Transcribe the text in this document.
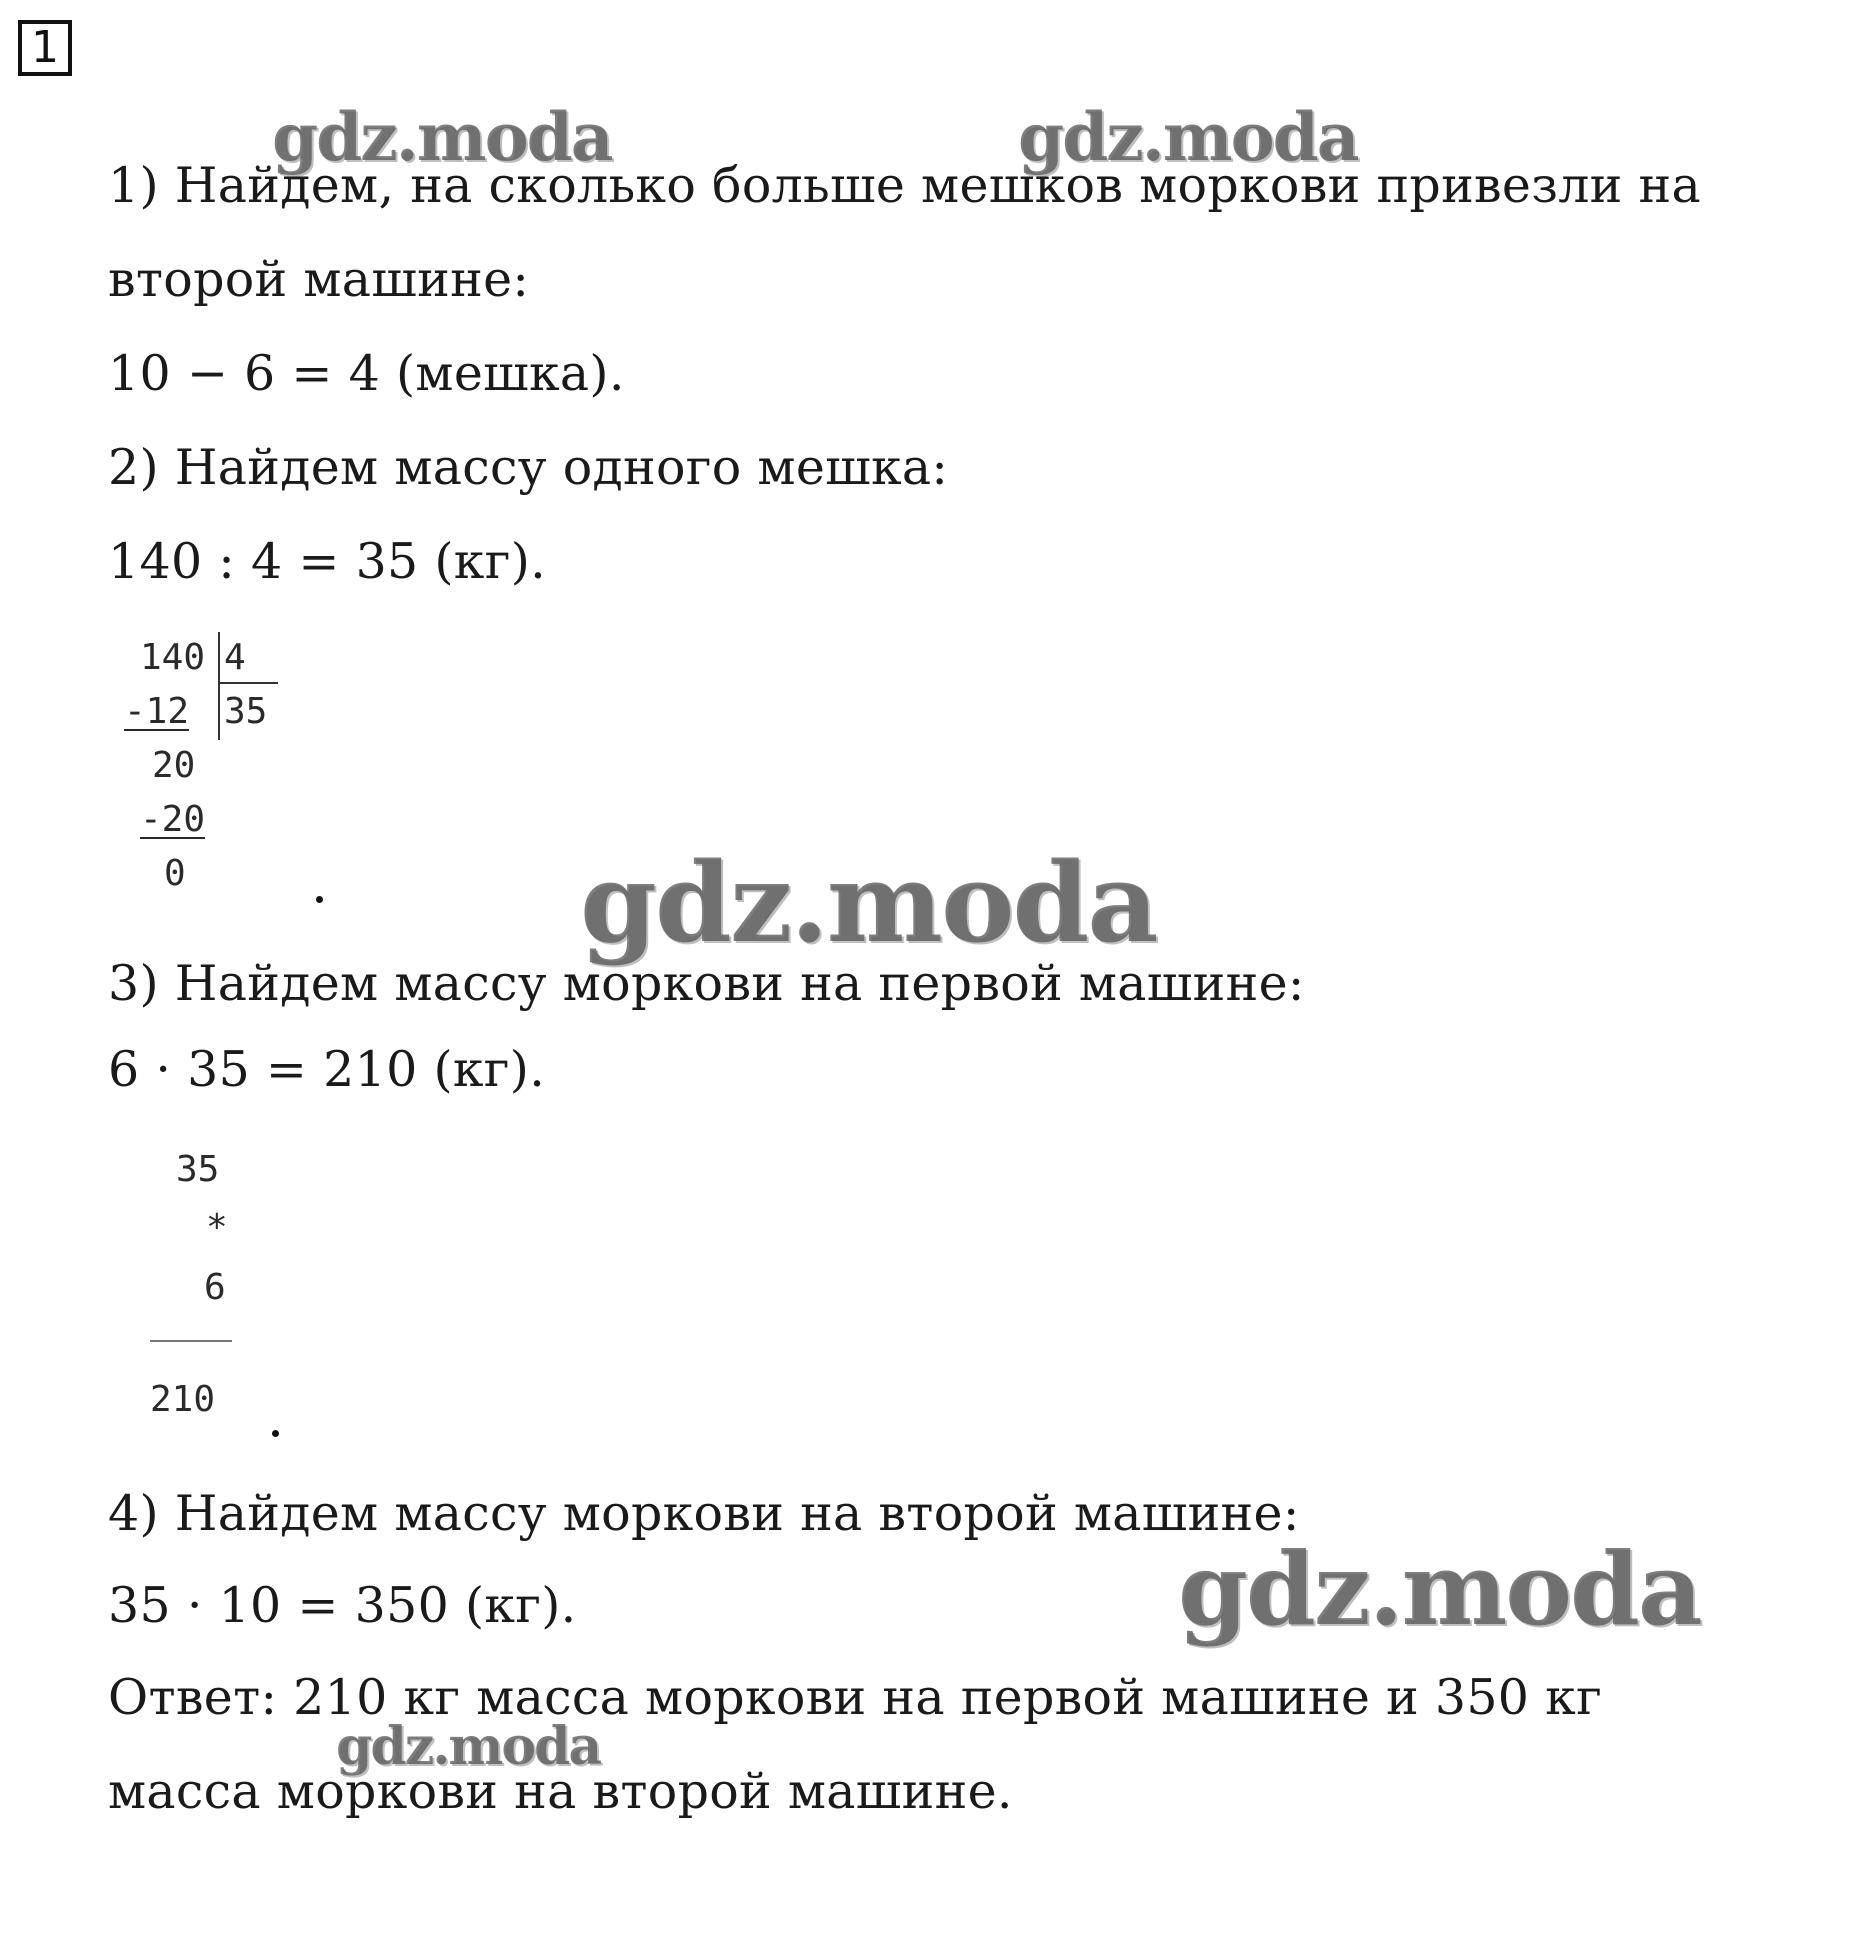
1
gdz.moda	gdz.moda
1) Найдем, на сколько больше мешков моркови привезли на
второй машине:
10 − 6 = 4 (мешка).
2) Найдем массу одного мешка:
140 : 4 = 35 (кг).
140 4
-12 35
20
-20
0	gdz.moda
3) Найдем массу моркови на первой машине:
6 · 35 = 210 (кг).
35
*
6
210
4) Найдем массу моркови на второй машине:
35 · 10 = 350 (кг).	gdz.moda
Ответ: 210 кг масса моркови на первой машине и 350 кг
масса моркови на второй машине.
gdz.moda
